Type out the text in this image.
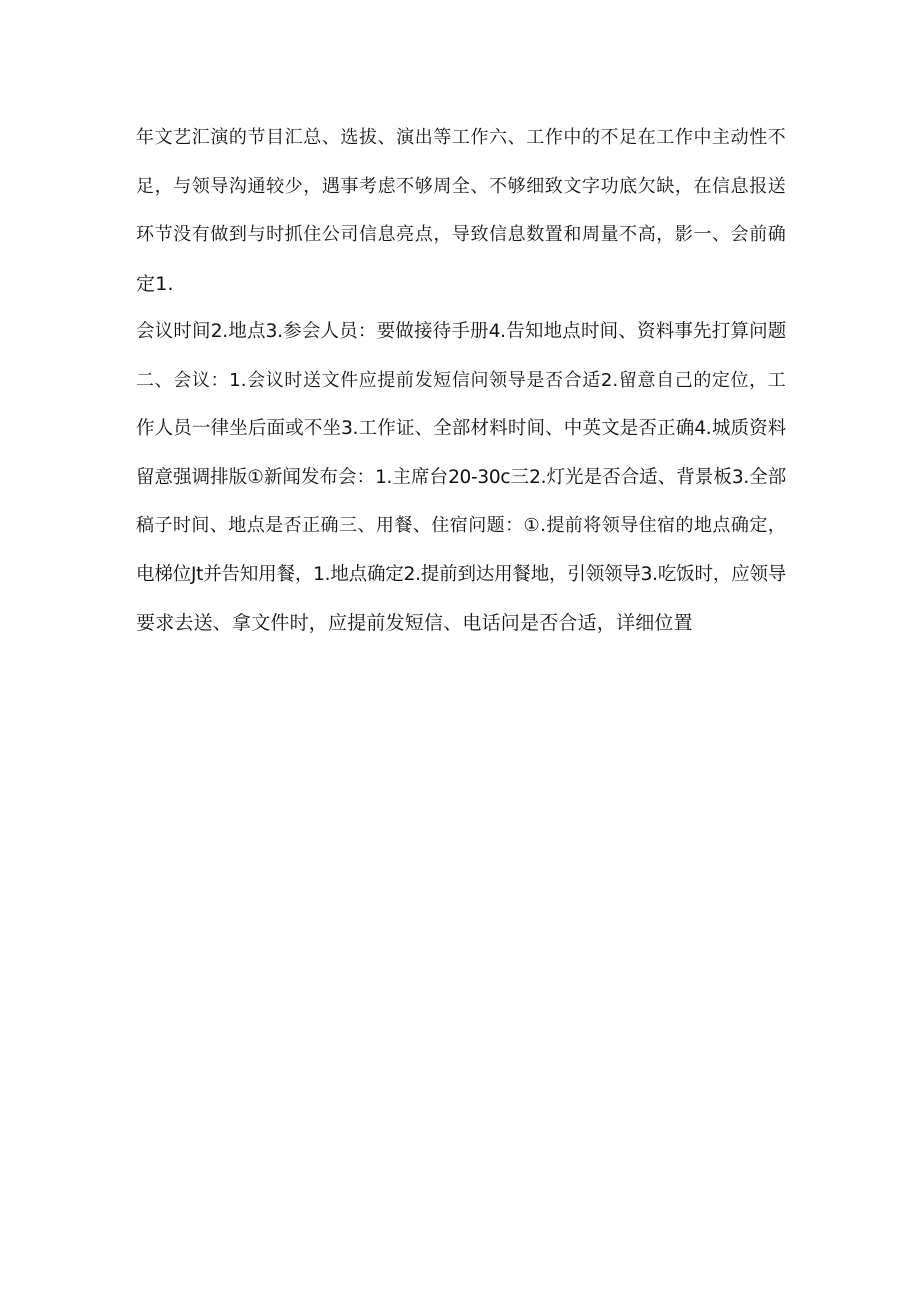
年文艺汇演的节目汇总、选拔、演出等工作六、工作中的不足在工作中主动性不
足，与领导沟通较少，遇事考虑不够周全、不够细致文字功底欠缺，在信息报送
环节没有做到与时抓住公司信息亮点，导致信息数置和周量不高，影一、会前确
定1.
会议时间2.地点3.参会人员：要做接待手册4.告知地点时间、资料事先打算问题
二、会议：1.会议时送文件应提前发短信问领导是否合适2.留意自己的定位，工
作人员一律坐后面或不坐3.工作证、全部材料时间、中英文是否正确4.城质资料
留意强调排版①新闻发布会：1.主席台20-30c三2.灯光是否合适、背景板3.全部
稿子时间、地点是否正确三、用餐、住宿问题：①.提前将领导住宿的地点确定，
电梯位Jt并告知用餐，1.地点确定2.提前到达用餐地，引领领导3.吃饭时，应领导
要求去送、拿文件时，应提前发短信、电话问是否合适，详细位置
